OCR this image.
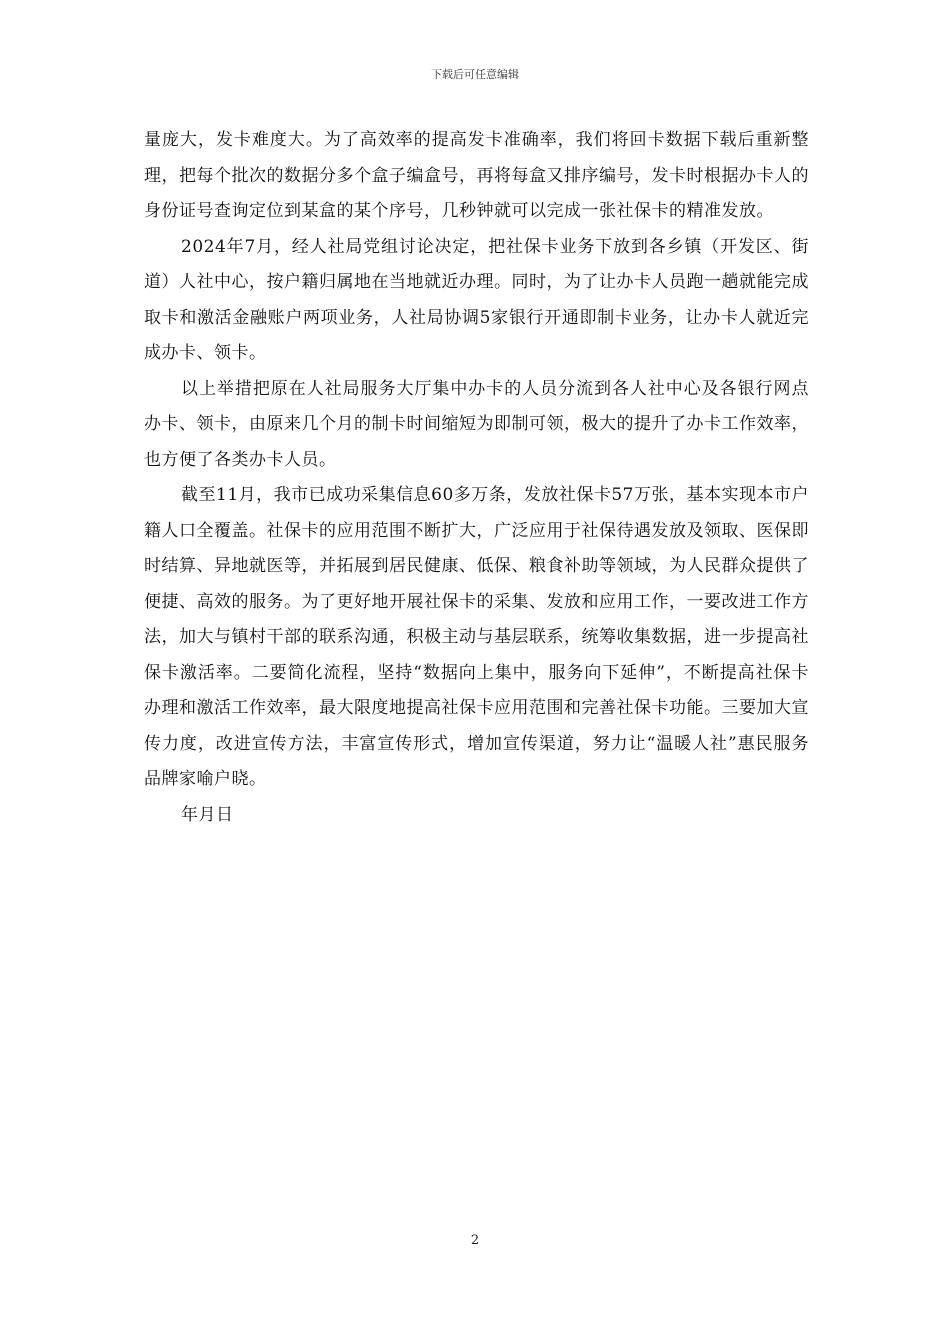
下载后可任意编辑

量庞大，发卡难度大。为了高效率的提高发卡准确率，我们将回卡数据下载后重新整理，把每个批次的数据分多个盒子编盒号，再将每盒又排序编号，发卡时根据办卡人的身份证号查询定位到某盒的某个序号，几秒钟就可以完成一张社保卡的精准发放。

2024年7月，经人社局党组讨论决定，把社保卡业务下放到各乡镇（开发区、街道）人社中心，按户籍归属地在当地就近办理。同时，为了让办卡人员跑一趟就能完成取卡和激活金融账户两项业务，人社局协调5家银行开通即制卡业务，让办卡人就近完成办卡、领卡。

以上举措把原在人社局服务大厅集中办卡的人员分流到各人社中心及各银行网点办卡、领卡，由原来几个月的制卡时间缩短为即制可领，极大的提升了办卡工作效率，也方便了各类办卡人员。

截至11月，我市已成功采集信息60多万条，发放社保卡57万张，基本实现本市户籍人口全覆盖。社保卡的应用范围不断扩大，广泛应用于社保待遇发放及领取、医保即时结算、异地就医等，并拓展到居民健康、低保、粮食补助等领域，为人民群众提供了便捷、高效的服务。为了更好地开展社保卡的采集、发放和应用工作，一要改进工作方法，加大与镇村干部的联系沟通，积极主动与基层联系，统筹收集数据，进一步提高社保卡激活率。二要简化流程，坚持“数据向上集中，服务向下延伸”，不断提高社保卡办理和激活工作效率，最大限度地提高社保卡应用范围和完善社保卡功能。三要加大宣传力度，改进宣传方法，丰富宣传形式，增加宣传渠道，努力让“温暖人社”惠民服务品牌家喻户晓。

年月日

2
